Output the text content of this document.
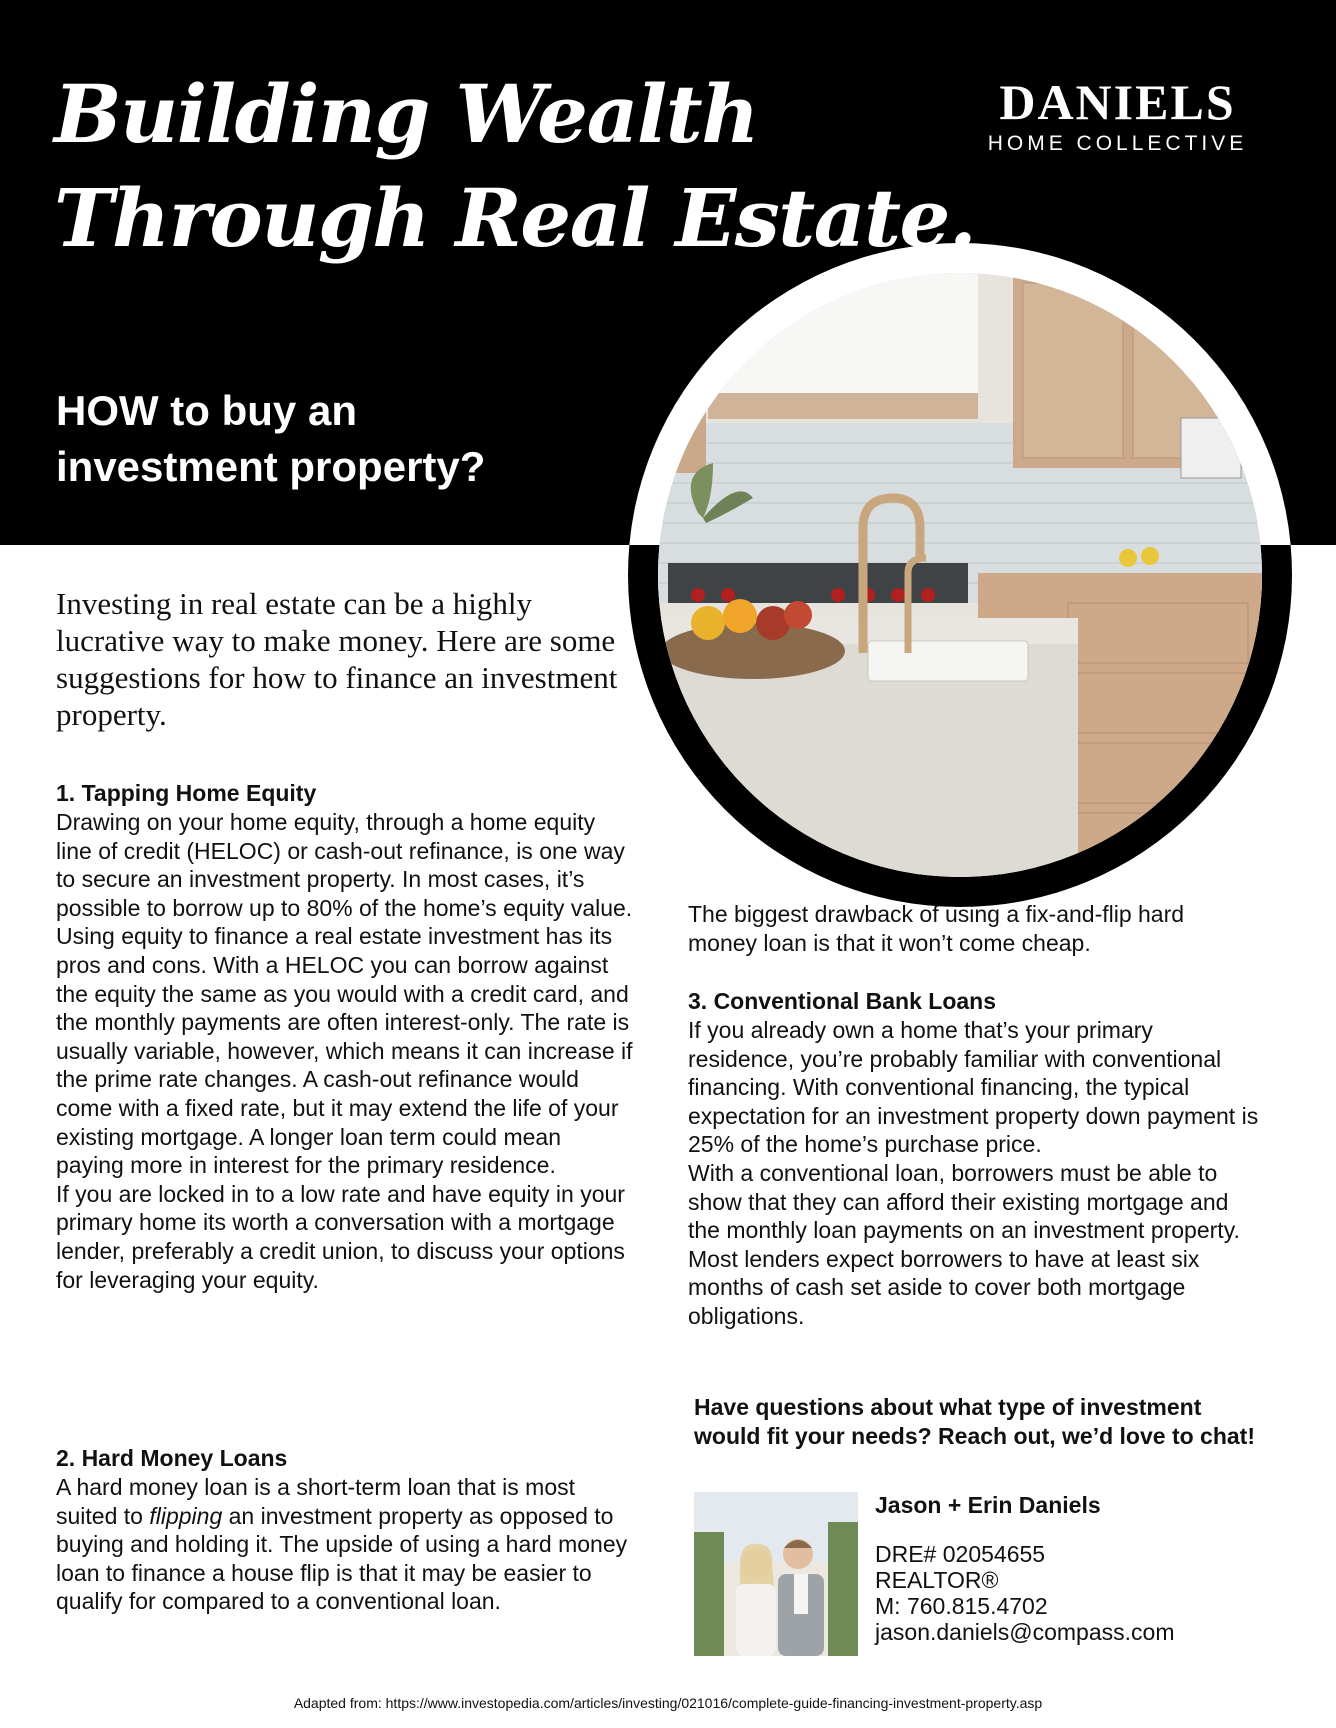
Building Wealth
Through Real Estate.
DANIELS
HOME COLLECTIVE
HOW to buy an
investment property?

Investing in real estate can be a highly lucrative way to make money. Here are some suggestions for how to finance an investment property.

1. Tapping Home Equity

Drawing on your home equity, through a home equity line of credit (HELOC) or cash-out refinance, is one way to secure an investment property. In most cases, it’s possible to borrow up to 80% of the home’s equity value.

Using equity to finance a real estate investment has its pros and cons. With a HELOC you can borrow against the equity the same as you would with a credit card, and the monthly payments are often interest-only. The rate is usually variable, however, which means it can increase if the prime rate changes. A cash-out refinance would come with a fixed rate, but it may extend the life of your existing mortgage. A longer loan term could mean paying more in interest for the primary residence.

If you are locked in to a low rate and have equity in your primary home its worth a conversation with a mortgage lender, preferably a credit union, to discuss your options for leveraging your equity.

2. Hard Money Loans

A hard money loan is a short-term loan that is most suited to flipping an investment property as opposed to buying and holding it. The upside of using a hard money loan to finance a house flip is that it may be easier to qualify for compared to a conventional loan.

The biggest drawback of using a fix-and-flip hard money loan is that it won’t come cheap.

3. Conventional Bank Loans

If you already own a home that’s your primary residence, you’re probably familiar with conventional financing. With conventional financing, the typical expectation for an investment property down payment is 25% of the home’s purchase price.

With a conventional loan, borrowers must be able to show that they can afford their existing mortgage and the monthly loan payments on an investment property. Most lenders expect borrowers to have at least six months of cash set aside to cover both mortgage obligations.

Have questions about what type of investment
would fit your needs? Reach out, we’d love to chat!
Jason + Erin Daniels
DRE# 02054655
REALTOR®
M: 760.815.4702
jason.daniels@compass.com
Adapted from: https://www.investopedia.com/articles/investing/021016/complete-guide-financing-investment-property.asp
